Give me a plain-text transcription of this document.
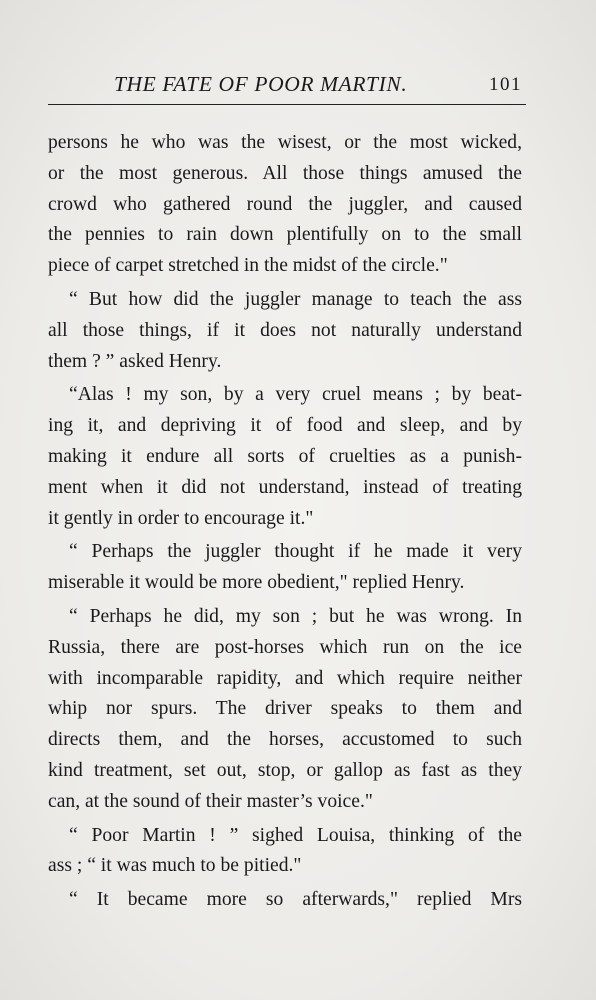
THE FATE OF POOR MARTIN.	101
persons he who was the wisest, or the most wicked,
or the most generous. All those things amused the
crowd who gathered round the juggler, and caused
the pennies to rain down plentifully on to the small
piece of carpet stretched in the midst of the circle."
“ But how did the juggler manage to teach the ass
all those things, if it does not naturally understand
them ? ” asked Henry.
“Alas ! my son, by a very cruel means ; by beat-
ing it, and depriving it of food and sleep, and by
making it endure all sorts of cruelties as a punish-
ment when it did not understand, instead of treating
it gently in order to encourage it."
“ Perhaps the juggler thought if he made it very
miserable it would be more obedient," replied Henry.
“ Perhaps he did, my son ; but he was wrong. In
Russia, there are post-horses which run on the ice
with incomparable rapidity, and which require neither
whip nor spurs. The driver speaks to them and
directs them, and the horses, accustomed to such
kind treatment, set out, stop, or gallop as fast as they
can, at the sound of their master’s voice."
“ Poor Martin ! ” sighed Louisa, thinking of the
ass ; “ it was much to be pitied."
“ It became more so afterwards," replied Mrs
